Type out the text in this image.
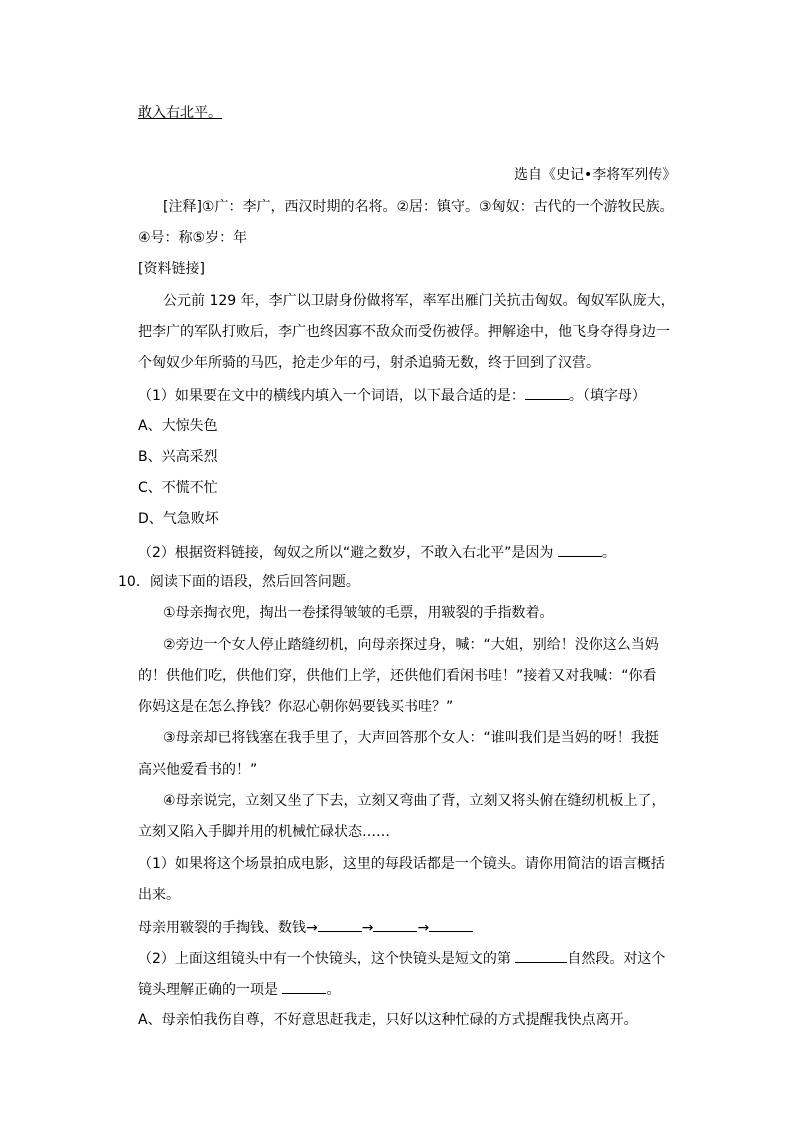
敢入右北平。
选自《史记•李将军列传》
[注释]①广：李广，西汉时期的名将。②居：镇守。③匈奴：古代的一个游牧民族。
④号：称⑤岁：年
[资料链接]
公元前 129 年，李广以卫尉身份做将军，率军出雁门关抗击匈奴。匈奴军队庞大，
把李广的军队打败后，李广也终因寡不敌众而受伤被俘。押解途中，他飞身夺得身边一
个匈奴少年所骑的马匹，抢走少年的弓，射杀追骑无数，终于回到了汉营。
（1）如果要在文中的横线内填入一个词语，以下最合适的是：	。（填字母）
A、大惊失色
B、兴高采烈
C、不慌不忙
D、气急败坏
（2）根据资料链接，匈奴之所以“避之数岁，不敢入右北平”是因为	。
10．阅读下面的语段，然后回答问题。
①母亲掏衣兜，掏出一卷揉得皱皱的毛票，用皲裂的手指数着。
②旁边一个女人停止踏缝纫机，向母亲探过身，喊：“大姐，别给！没你这么当妈
的！供他们吃，供他们穿，供他们上学，还供他们看闲书哇！”接着又对我喊：“你看
你妈这是在怎么挣钱？你忍心朝你妈要钱买书哇？”
③母亲却已将钱塞在我手里了，大声回答那个女人：“谁叫我们是当妈的呀！我挺
高兴他爱看书的！”
④母亲说完，立刻又坐了下去，立刻又弯曲了背，立刻又将头俯在缝纫机板上了，
立刻又陷入手脚并用的机械忙碌状态……
（1）如果将这个场景拍成电影，这里的每段话都是一个镜头。请你用简洁的语言概括
出来。
母亲用皲裂的手掏钱、数钱→	→	→
（2）上面这组镜头中有一个快镜头，这个快镜头是短文的第	自然段。对这个
镜头理解正确的一项是	。
A、母亲怕我伤自尊，不好意思赶我走，只好以这种忙碌的方式提醒我快点离开。
